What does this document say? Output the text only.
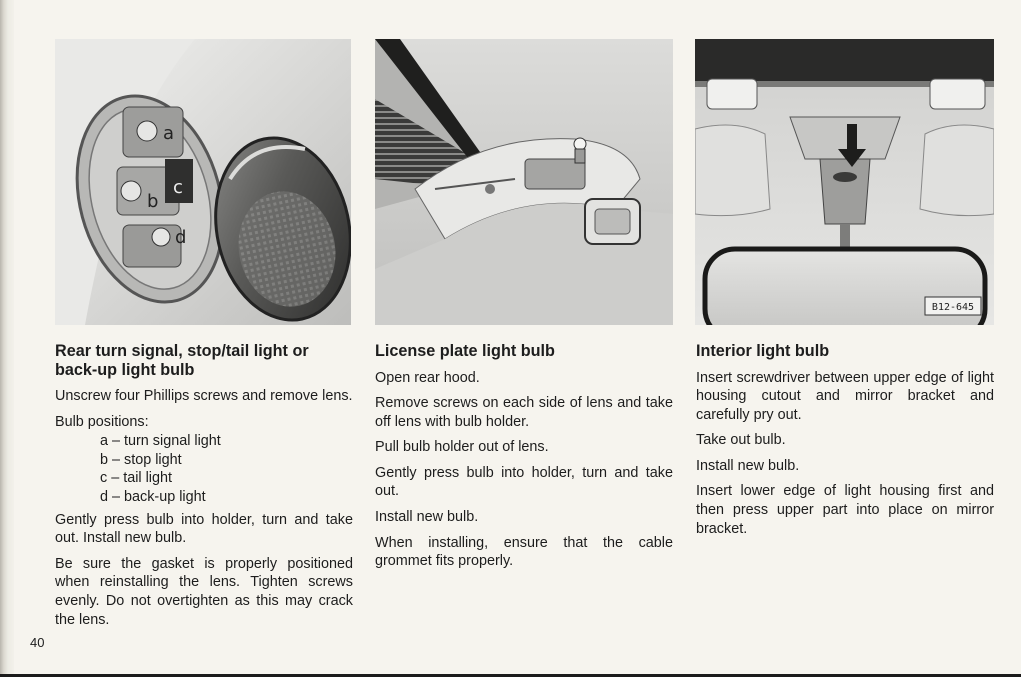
a
b
c
d
B12-645
Rear turn signal, stop/tail light or back-up light bulb

Unscrew four Phillips screws and remove lens.

Bulb positions:

a – turn signal light
b – stop light
c – tail light
d – back-up light

Gently press bulb into holder, turn and take out. Install new bulb.

Be sure the gasket is properly positioned when reinstalling the lens. Tighten screws evenly. Do not overtighten as this may crack the lens.

License plate light bulb

Open rear hood.

Remove screws on each side of lens and take off lens with bulb holder.

Pull bulb holder out of lens.

Gently press bulb into holder, turn and take out.

Install new bulb.

When installing, ensure that the cable grommet fits properly.

Interior light bulb

Insert screwdriver between upper edge of light housing cutout and mirror bracket and carefully pry out.

Take out bulb.

Install new bulb.

Insert lower edge of light housing first and then press upper part into place on mirror bracket.

40
